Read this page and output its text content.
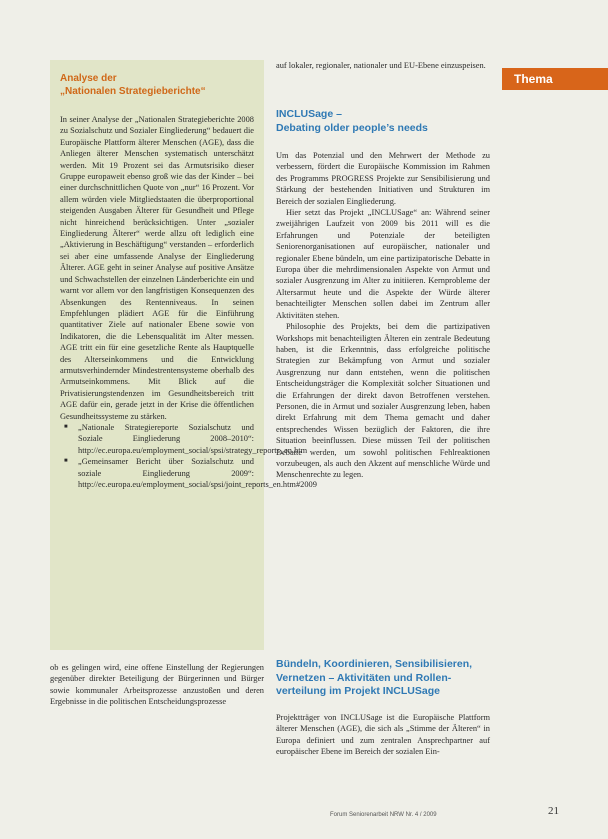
Thema
Analyse der
„Nationalen Strategieberichte“

In seiner Analyse der „Nationalen Strategieberichte 2008 zu Sozialschutz und Sozialer Eingliederung“ bedauert die Europäische Plattform älterer Menschen (AGE), dass die Anliegen älterer Menschen systematisch unterschätzt werden. Mit 19 Prozent sei das Armutsrisiko dieser Gruppe europaweit ebenso groß wie das der Kinder – bei einer durchschnittlichen Quote von „nur“ 16 Prozent. Vor allem würden viele Mitgliedstaaten die überproportional steigenden Ausgaben Älterer für Gesundheit und Pflege nicht hinreichend berücksichtigen. Unter „sozialer Eingliederung Älterer“ werde allzu oft lediglich eine „Aktivierung in Beschäftigung“ verstanden – erforderlich sei aber eine umfassende Analyse der Eingliederung Älterer. AGE geht in seiner Analyse auf positive Ansätze und Schwachstellen der einzelnen Länderberichte ein und warnt vor allem vor den langfristigen Konsequenzen des Absenkungen des Rentenniveaus. In seinen Empfehlungen plädiert AGE für die Einführung quantitativer Ziele auf nationaler Ebene sowie von Indikatoren, die die Lebensqualität im Alter messen. AGE tritt ein für eine gesetzliche Rente als Hauptquelle des Alterseinkommens und die Entwicklung armutsverhindernder Mindestrentensysteme oberhalb des Armutseinkommens. Mit Blick auf die Privatisierungstendenzen im Gesundheitsbereich tritt AGE dafür ein, gerade jetzt in der Krise die öffentlichen Gesundheitssysteme zu stärken.

■ „Nationale Strategiereporte Sozialschutz und Soziale Eingliederung 2008–2010“: http://ec.europa.eu/employment_social/spsi/strategy_reports_en.htm
■ „Gemeinsamer Bericht über Sozialschutz und soziale Eingliederung 2009“: http://ec.europa.eu/employment_social/spsi/joint_reports_en.htm#2009

ob es gelingen wird, eine offene Einstellung der Regierungen gegenüber direkter Beteiligung der Bürgerinnen und Bürger sowie kommunaler Arbeitsprozesse anzustoßen und deren Ergebnisse in die politischen Entscheidungsprozesse

auf lokaler, regionaler, nationaler und EU-Ebene einzuspeisen.

INCLUSage –
Debating older people’s needs

Um das Potenzial und den Mehrwert der Methode zu verbessern, fördert die Europäische Kommission im Rahmen des Programms PROGRESS Projekte zur Sensibilisierung und Stärkung der bestehenden Initiativen und Strukturen im Bereich der sozialen Eingliederung.

Hier setzt das Projekt „INCLUSage“ an: Während seiner zweijährigen Laufzeit von 2009 bis 2011 will es die Erfahrungen und Potenziale der beteiligten Seniorenorganisationen auf europäischer, nationaler und regionaler Ebene bündeln, um eine partizipatorische Debatte in Europa über die mehrdimensionalen Aspekte von Armut und sozialer Ausgrenzung im Alter zu initiieren. Kernprobleme der Altersarmut heute und die Aspekte der Würde älterer benachteiligter Menschen sollen dabei im Zentrum aller Aktivitäten stehen.

Philosophie des Projekts, bei dem die partizipativen Workshops mit benachteiligten Älteren ein zentrale Bedeutung haben, ist die Erkenntnis, dass erfolgreiche politische Strategien zur Bekämpfung von Armut und sozialer Ausgrenzung nur dann entstehen, wenn die politischen Entscheidungsträger die Komplexität solcher Situationen und die Erfahrungen der direkt davon Betroffenen verstehen. Personen, die in Armut und sozialer Ausgrenzung leben, haben direkt Erfahrung mit dem Thema gemacht und daher entsprechendes Wissen bezüglich der Faktoren, die ihre Situation beeinflussen. Diese müssen Teil der politischen Debatte werden, um sowohl politischen Fehlreaktionen vorzubeugen, als auch den Akzent auf menschliche Würde und Menschenrechte zu legen.

Bündeln, Koordinieren, Sensibilisieren,
Vernetzen – Aktivitäten und Rollen-
verteilung im Projekt INCLUSage

Projektträger von INCLUSage ist die Europäische Plattform älterer Menschen (AGE), die sich als „Stimme der Älteren“ in Europa definiert und zum zentralen Ansprechpartner auf europäischer Ebene im Bereich der sozialen Ein-

Forum Seniorenarbeit NRW Nr. 4 / 2009	21
